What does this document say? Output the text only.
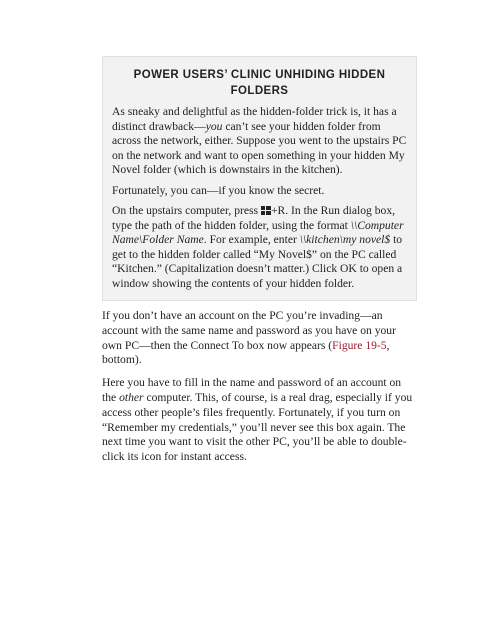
POWER USERS’ CLINIC UNHIDING HIDDEN
FOLDERS

As sneaky and delightful as the hidden-folder trick is, it has a distinct drawback—you can’t see your hidden folder from across the network, either. Suppose you went to the upstairs PC on the network and want to open something in your hidden My Novel folder (which is downstairs in the kitchen).

Fortunately, you can—if you know the secret.

On the upstairs computer, press +R. In the Run dialog box, type the path of the hidden folder, using the format \\Computer Name\Folder Name. For example, enter \\kitchen\my novel$ to get to the hidden folder called “My Novel$” on the PC called “Kitchen.” (Capitalization doesn’t matter.) Click OK to open a window showing the contents of your hidden folder.

If you don’t have an account on the PC you’re invading—an account with the same name and password as you have on your own PC—then the Connect To box now appears (Figure 19-5, bottom).

Here you have to fill in the name and password of an account on the other computer. This, of course, is a real drag, especially if you access other people’s files frequently. Fortunately, if you turn on “Remember my credentials,” you’ll never see this box again. The next time you want to visit the other PC, you’ll be able to double-click its icon for instant access.
